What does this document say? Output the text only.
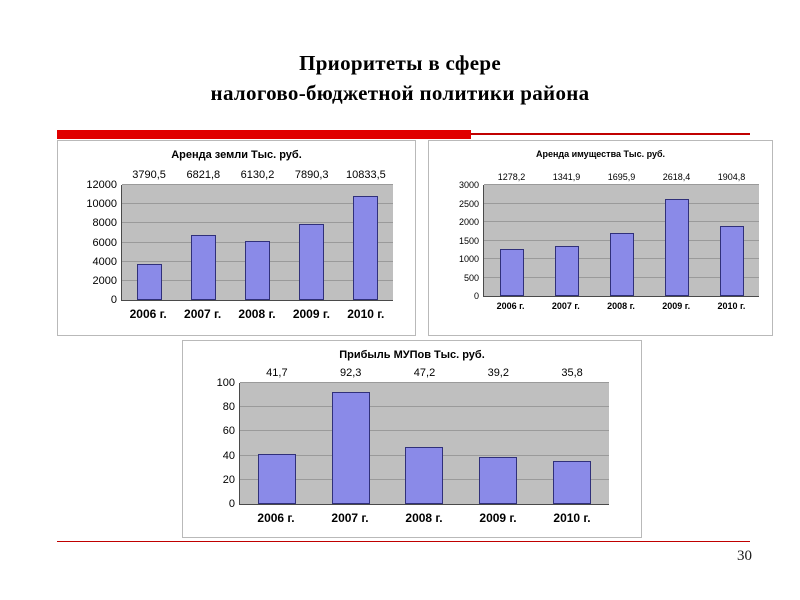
Приоритеты в сфере
налогово-бюджетной политики района
Аренда земли Тыс. руб.
0
2000
4000
6000
8000
10000
12000
3790,5 6821,8 6130,2 7890,3 10833,5
2006 г.	2007 г.	2008 г.	2009 г.	2010 г.
Аренда имущества Тыс. руб.
0
500
1000
1500
2000
2500
3000
1278,2	1341,9	1695,9	2618,4	1904,8
2006 г.	2007 г.	2008 г.	2009 г.	2010 г.
Прибыль МУПов Тыс. руб.
0
20
40
60
80
100
41,7	92,3	47,2	39,2	35,8
2006 г.	2007 г.	2008 г.	2009 г.	2010 г.
30
